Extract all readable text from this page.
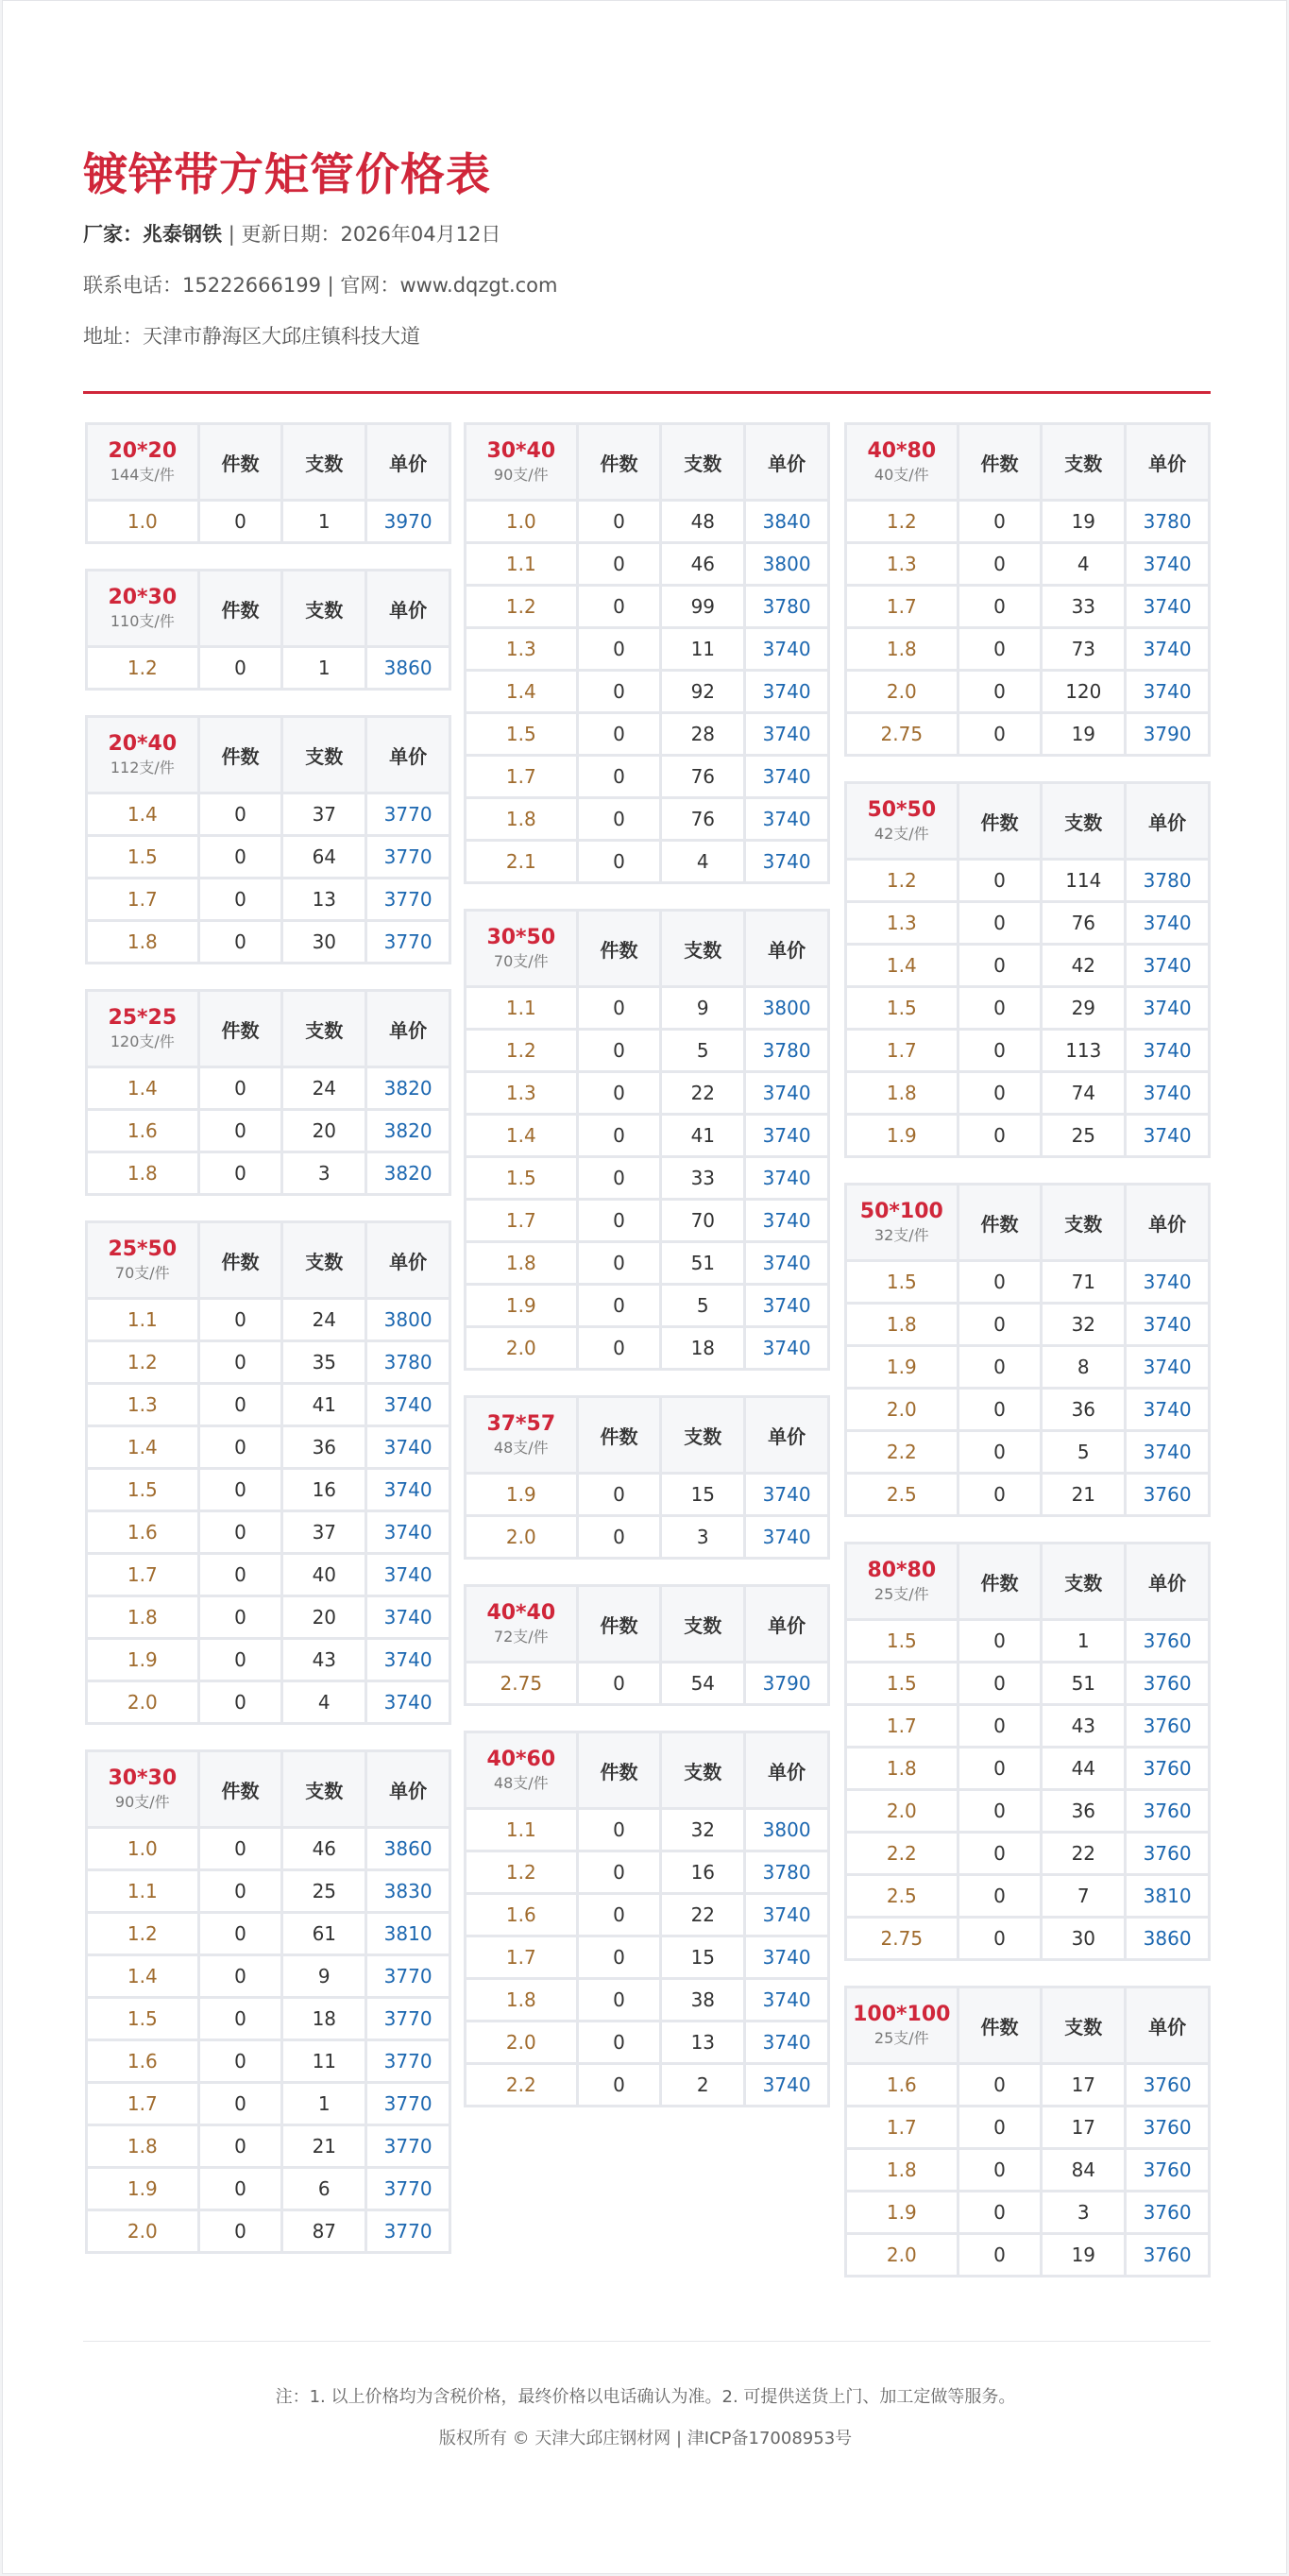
镀锌带方矩管价格表
厂家：兆泰钢铁 | 更新日期：2026年04月12日
联系电话：15222666199 | 官网：www.dqzgt.com
地址：天津市静海区大邱庄镇科技大道
20*20
144支/件	件数	支数	单价
1.0	0	1	3970
20*30
110支/件	件数	支数	单价
1.2	0	1	3860
20*40
112支/件	件数	支数	单价
1.4	0	37	3770
1.5	0	64	3770
1.7	0	13	3770
1.8	0	30	3770
25*25
120支/件	件数	支数	单价
1.4	0	24	3820
1.6	0	20	3820
1.8	0	3	3820
25*50
70支/件	件数	支数	单价
1.1	0	24	3800
1.2	0	35	3780
1.3	0	41	3740
1.4	0	36	3740
1.5	0	16	3740
1.6	0	37	3740
1.7	0	40	3740
1.8	0	20	3740
1.9	0	43	3740
2.0	0	4	3740
30*30
90支/件	件数	支数	单价
1.0	0	46	3860
1.1	0	25	3830
1.2	0	61	3810
1.4	0	9	3770
1.5	0	18	3770
1.6	0	11	3770
1.7	0	1	3770
1.8	0	21	3770
1.9	0	6	3770
2.0	0	87	3770
30*40
90支/件	件数	支数	单价
1.0	0	48	3840
1.1	0	46	3800
1.2	0	99	3780
1.3	0	11	3740
1.4	0	92	3740
1.5	0	28	3740
1.7	0	76	3740
1.8	0	76	3740
2.1	0	4	3740
30*50
70支/件	件数	支数	单价
1.1	0	9	3800
1.2	0	5	3780
1.3	0	22	3740
1.4	0	41	3740
1.5	0	33	3740
1.7	0	70	3740
1.8	0	51	3740
1.9	0	5	3740
2.0	0	18	3740
37*57
48支/件	件数	支数	单价
1.9	0	15	3740
2.0	0	3	3740
40*40
72支/件	件数	支数	单价
2.75	0	54	3790
40*60
48支/件	件数	支数	单价
1.1	0	32	3800
1.2	0	16	3780
1.6	0	22	3740
1.7	0	15	3740
1.8	0	38	3740
2.0	0	13	3740
2.2	0	2	3740
40*80
40支/件	件数	支数	单价
1.2	0	19	3780
1.3	0	4	3740
1.7	0	33	3740
1.8	0	73	3740
2.0	0	120	3740
2.75	0	19	3790
50*50
42支/件	件数	支数	单价
1.2	0	114	3780
1.3	0	76	3740
1.4	0	42	3740
1.5	0	29	3740
1.7	0	113	3740
1.8	0	74	3740
1.9	0	25	3740
50*100
32支/件	件数	支数	单价
1.5	0	71	3740
1.8	0	32	3740
1.9	0	8	3740
2.0	0	36	3740
2.2	0	5	3740
2.5	0	21	3760
80*80
25支/件	件数	支数	单价
1.5	0	1	3760
1.5	0	51	3760
1.7	0	43	3760
1.8	0	44	3760
2.0	0	36	3760
2.2	0	22	3760
2.5	0	7	3810
2.75	0	30	3860
100*100
25支/件	件数	支数	单价
1.6	0	17	3760
1.7	0	17	3760
1.8	0	84	3760
1.9	0	3	3760
2.0	0	19	3760
注：1. 以上价格均为含税价格，最终价格以电话确认为准。2. 可提供送货上门、加工定做等服务。
版权所有 © 天津大邱庄钢材网 | 津ICP备17008953号
